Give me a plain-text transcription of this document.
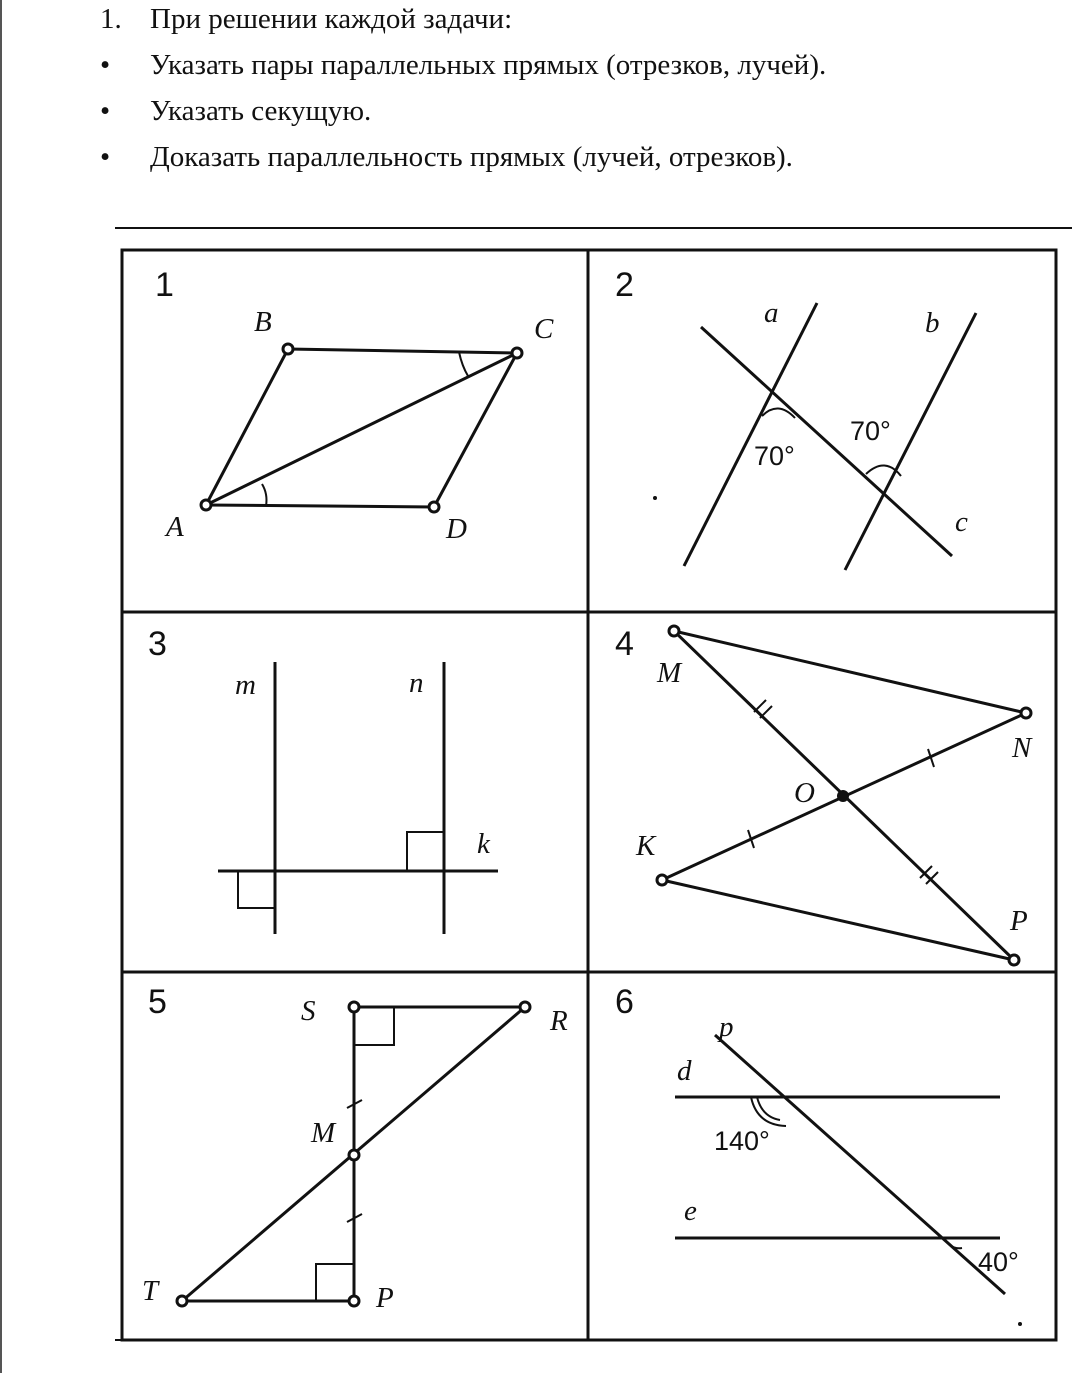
1. При решении каждой задачи:
•	Указать пары параллельных прямых (отрезков, лучей).
•	Указать секущую.
•	Доказать параллельность прямых (лучей, отрезков).
1
B	C
A	D
2
a	b
c
70°
70°
3
m	n
k
4
M
N
O
K
P
5	S	R
M
T	P
6
p
d
e
140°
40°
